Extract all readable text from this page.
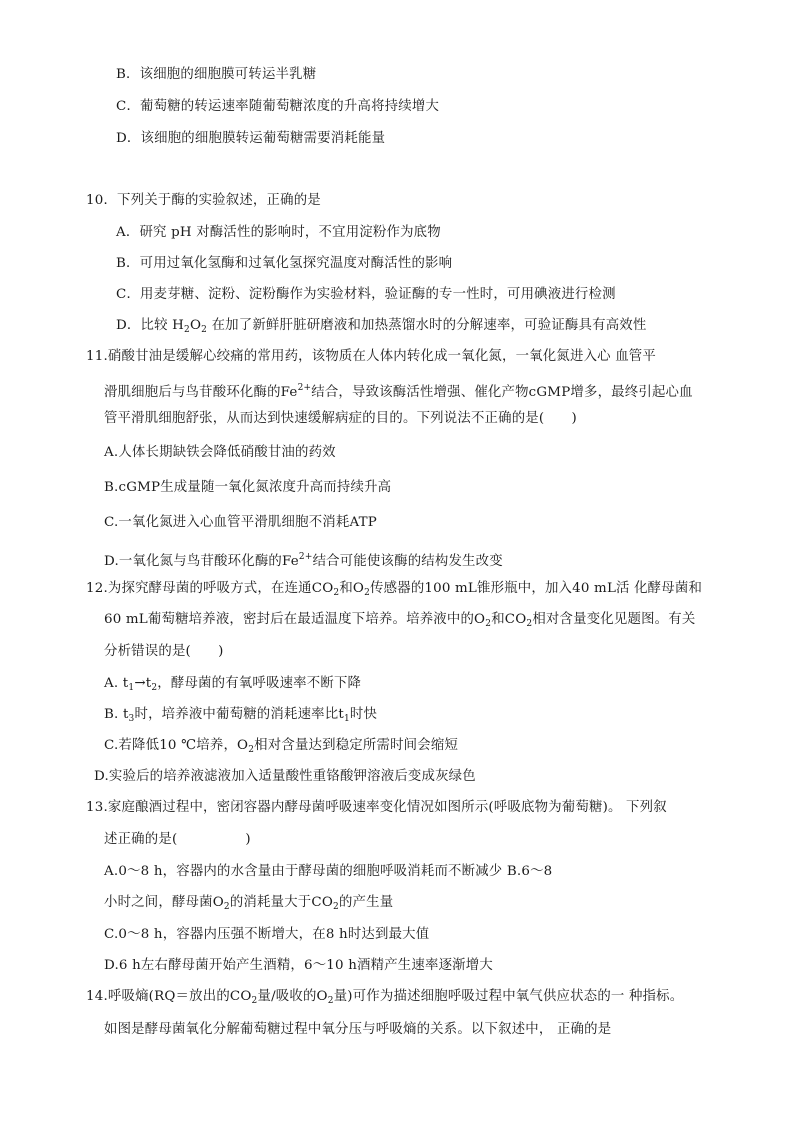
B．该细胞的细胞膜可转运半乳糖
C．葡萄糖的转运速率随葡萄糖浓度的升高将持续增大
D．该细胞的细胞膜转运葡萄糖需要消耗能量
10．下列关于酶的实验叙述，正确的是
A．研究 pH 对酶活性的影响时，不宜用淀粉作为底物
B．可用过氧化氢酶和过氧化氢探究温度对酶活性的影响
C．用麦芽糖、淀粉、淀粉酶作为实验材料，验证酶的专一性时，可用碘液进行检测
D．比较 $H_2O_2$ 在加了新鲜肝脏研磨液和加热蒸馏水时的分解速率，可验证酶具有高效性
11.硝酸甘油是缓解心绞痛的常用药，该物质在人体内转化成一氧化氮，一氧化氮进入心 血管平
滑肌细胞后与鸟苷酸环化酶的$Fe^{2+}$结合，导致该酶活性增强、催化产物cGMP增多，最终引起心血
管平滑肌细胞舒张，从而达到快速缓解病症的目的。下列说法不正确的是(　　)
A.人体长期缺铁会降低硝酸甘油的药效
B.cGMP生成量随一氧化氮浓度升高而持续升高
C.一氧化氮进入心血管平滑肌细胞不消耗ATP
D.一氧化氮与鸟苷酸环化酶的$Fe^{2+}$结合可能使该酶的结构发生改变
12.为探究酵母菌的呼吸方式，在连通$CO_2$和$O_2$传感器的100 mL锥形瓶中，加入40 mL活 化酵母菌和
60 mL葡萄糖培养液，密封后在最适温度下培养。培养液中的$O_2$和$CO_2$相对含量变化见题图。有关
分析错误的是(　　)
A. $t_1\to t_2$，酵母菌的有氧呼吸速率不断下降
B. $t_3$时，培养液中葡萄糖的消耗速率比$t_1$时快
C.若降低10 ℃培养，$O_2$相对含量达到稳定所需时间会缩短
D.实验后的培养液滤液加入适量酸性重铬酸钾溶液后变成灰绿色
13.家庭酿酒过程中，密闭容器内酵母菌呼吸速率变化情况如图所示(呼吸底物为葡萄糖)。 下列叙
述正确的是(　　　　　)
A.0～8 h，容器内的水含量由于酵母菌的细胞呼吸消耗而不断减少 B.6～8
小时之间，酵母菌$O_2$的消耗量大于$CO_2$的产生量
C.0～8 h，容器内压强不断增大，在8 h时达到最大值
D.6 h左右酵母菌开始产生酒精，6～10 h酒精产生速率逐渐增大
14.呼吸熵(RQ＝放出的$CO_2$量/吸收的$O_2$量)可作为描述细胞呼吸过程中氧气供应状态的一 种指标。
如图是酵母菌氧化分解葡萄糖过程中氧分压与呼吸熵的关系。以下叙述中， 正确的是
